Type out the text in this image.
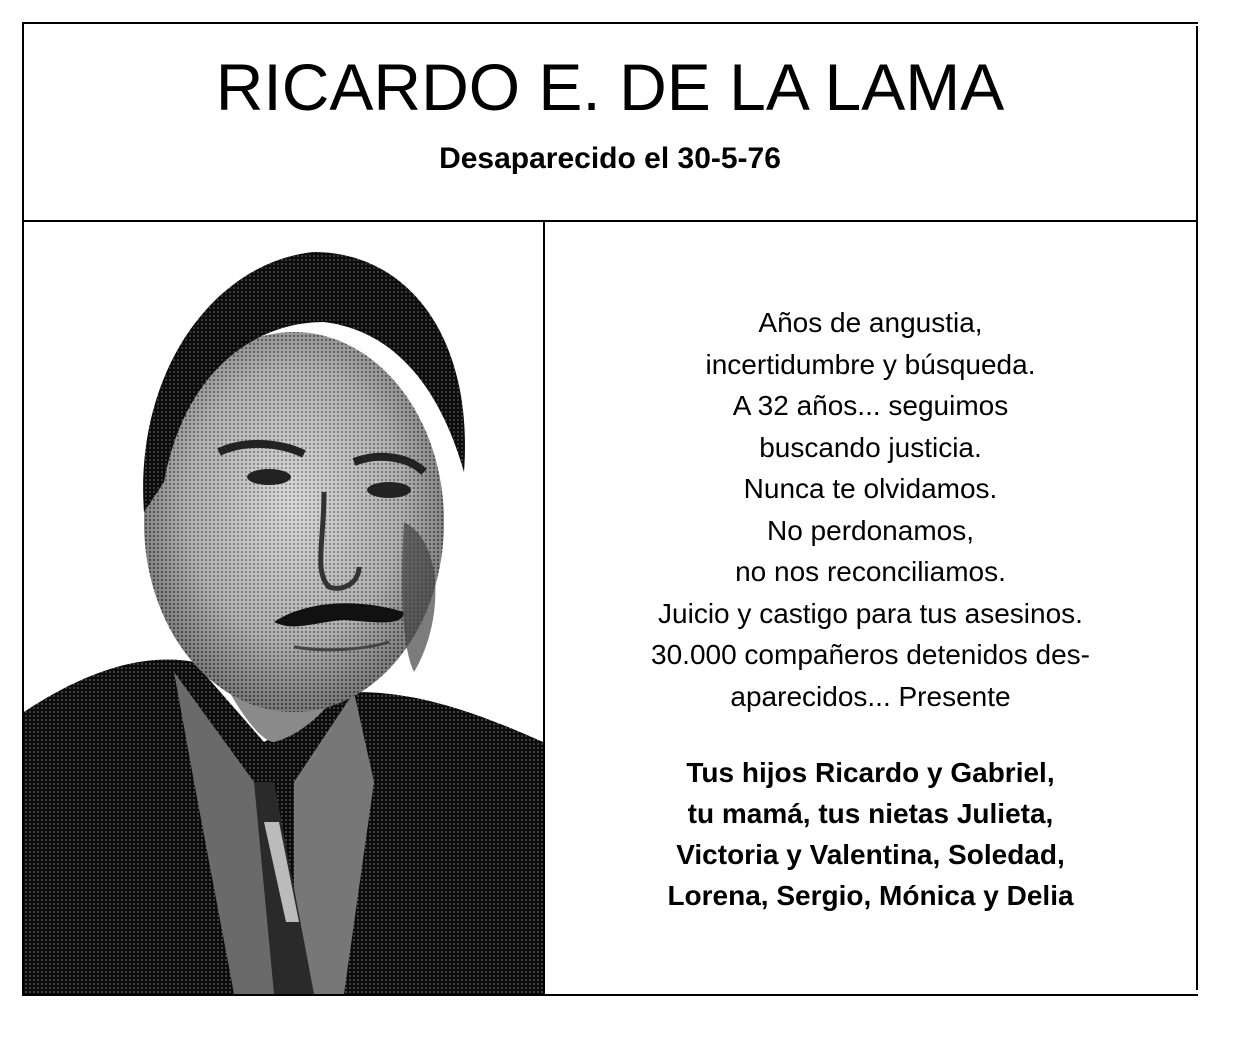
RICARDO E. DE LA LAMA
Desaparecido el 30-5-76
Años de angustia,
incertidumbre y búsqueda.
A 32 años... seguimos
buscando justicia.
Nunca te olvidamos.
No perdonamos,
no nos reconciliamos.
Juicio y castigo para tus asesinos.
30.000 compañeros detenidos des-
aparecidos... Presente
Tus hijos Ricardo y Gabriel,
tu mamá, tus nietas Julieta,
Victoria y Valentina, Soledad,
Lorena, Sergio, Mónica y Delia
